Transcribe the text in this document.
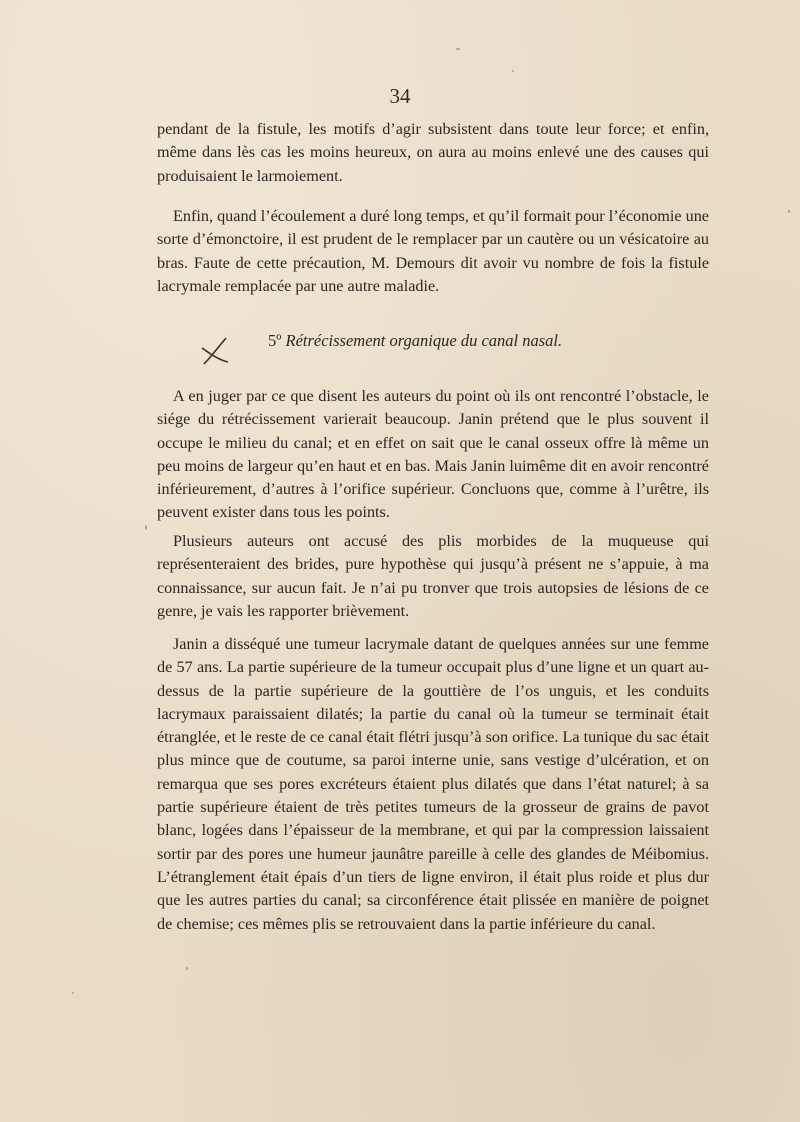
34

pendant de la fistule, les motifs d’agir subsistent dans toute leur force; et enfin, même dans lès cas les moins heureux, on aura au moins enlevé une des causes qui produisaient le larmoiement.

Enfin, quand l’écoulement a duré long temps, et qu’il formait pour l’économie une sorte d’émonctoire, il est prudent de le remplacer par un cautère ou un vésicatoire au bras. Faute de cette précaution, M. Demours dit avoir vu nombre de fois la fistule lacrymale remplacée par une autre maladie.

5º Rétrécissement organique du canal nasal.

A en juger par ce que disent les auteurs du point où ils ont rencontré l’obstacle, le siége du rétrécissement varierait beaucoup. Janin prétend que le plus souvent il occupe le milieu du canal; et en effet on sait que le canal osseux offre là même un peu moins de largeur qu’en haut et en bas. Mais Janin luimême dit en avoir rencontré inférieurement, d’autres à l’orifice supérieur. Concluons que, comme à l’urêtre, ils peuvent exister dans tous les points.

Plusieurs auteurs ont accusé des plis morbides de la muqueuse qui représenteraient des brides, pure hypothèse qui jusqu’à présent ne s’appuie, à ma connaissance, sur aucun fait. Je n’ai pu tronver que trois autopsies de lésions de ce genre, je vais les rapporter brièvement.

Janin a disséqué une tumeur lacrymale datant de quelques années sur une femme de 57 ans. La partie supérieure de la tumeur occupait plus d’une ligne et un quart au-dessus de la partie supérieure de la gouttière de l’os unguis, et les conduits lacrymaux paraissaient dilatés; la partie du canal où la tumeur se terminait était étranglée, et le reste de ce canal était flétri jusqu’à son orifice. La tunique du sac était plus mince que de coutume, sa paroi interne unie, sans vestige d’ulcération, et on remarqua que ses pores excréteurs étaient plus dilatés que dans l’état naturel; à sa partie supérieure étaient de très petites tumeurs de la grosseur de grains de pavot blanc, logées dans l’épaisseur de la membrane, et qui par la compression laissaient sortir par des pores une humeur jaunâtre pareille à celle des glandes de Méibomius. L’étranglement était épais d’un tiers de ligne environ, il était plus roide et plus dur que les autres parties du canal; sa circonférence était plissée en manière de poignet de chemise; ces mêmes plis se retrouvaient dans la partie inférieure du canal.
